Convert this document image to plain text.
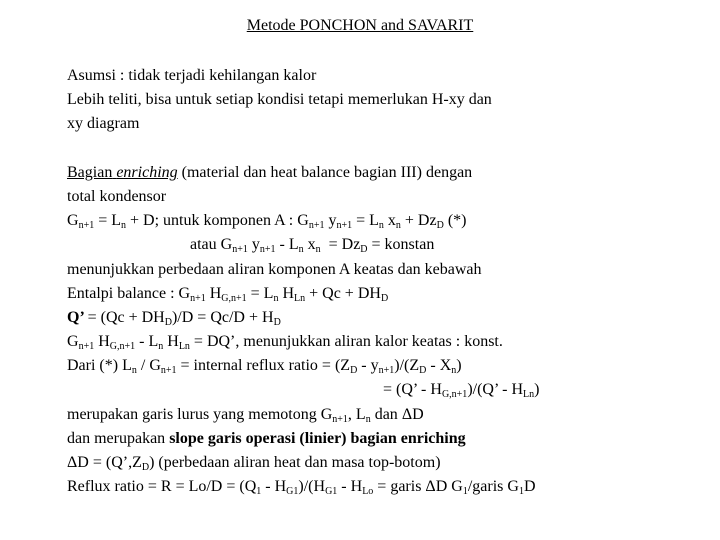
Metode PONCHON and SAVARIT
Asumsi : tidak terjadi kehilangan kalor
Lebih teliti, bisa untuk setiap kondisi tetapi memerlukan H-xy dan
xy diagram
Bagian enriching (material dan heat balance bagian III) dengan
total kondensor
$G_{n+1} = L_n + D$; untuk komponen A : $G_{n+1}$ $y_{n+1} = L_n$ $x_n + Dz_D$ (*)
atau $G_{n+1}$ $y_{n+1} - L_n$ $x_n = Dz_D$ = konstan
menunjukkan perbedaan aliran komponen A keatas dan kebawah
Entalpi balance : $G_{n+1}$ $H_{G,n+1} = L_n$ $H_{Ln} + Qc + DH_D$
Q’ = $(Qc + DH_D)/D = Qc/D + H_D$
$G_{n+1}$ $H_{G,n+1} - L_n$ $H_{Ln}$ = DQ’, menunjukkan aliran kalor keatas : konst.
Dari (*) $L_n / G_{n+1}$ = internal reflux ratio = $(Z_D - y_{n+1})/(Z_D - X_n)$
= (Q’ - $H_{G,n+1})/(Q$’ - $H_{Ln}$)
merupakan garis lurus yang memotong $G_{n+1}$, $L_n$ dan ΔD
dan merupakan slope garis operasi (linier) bagian enriching
$\Delta D = (Q’,Z_D)$ (perbedaan aliran heat dan masa top-botom)
Reflux ratio = $R = Lo/D = (Q_1 - H_{G1})/(H_{G1} - H_{Lo}$ = garis ΔD $G_1$/garis $G_1D$
